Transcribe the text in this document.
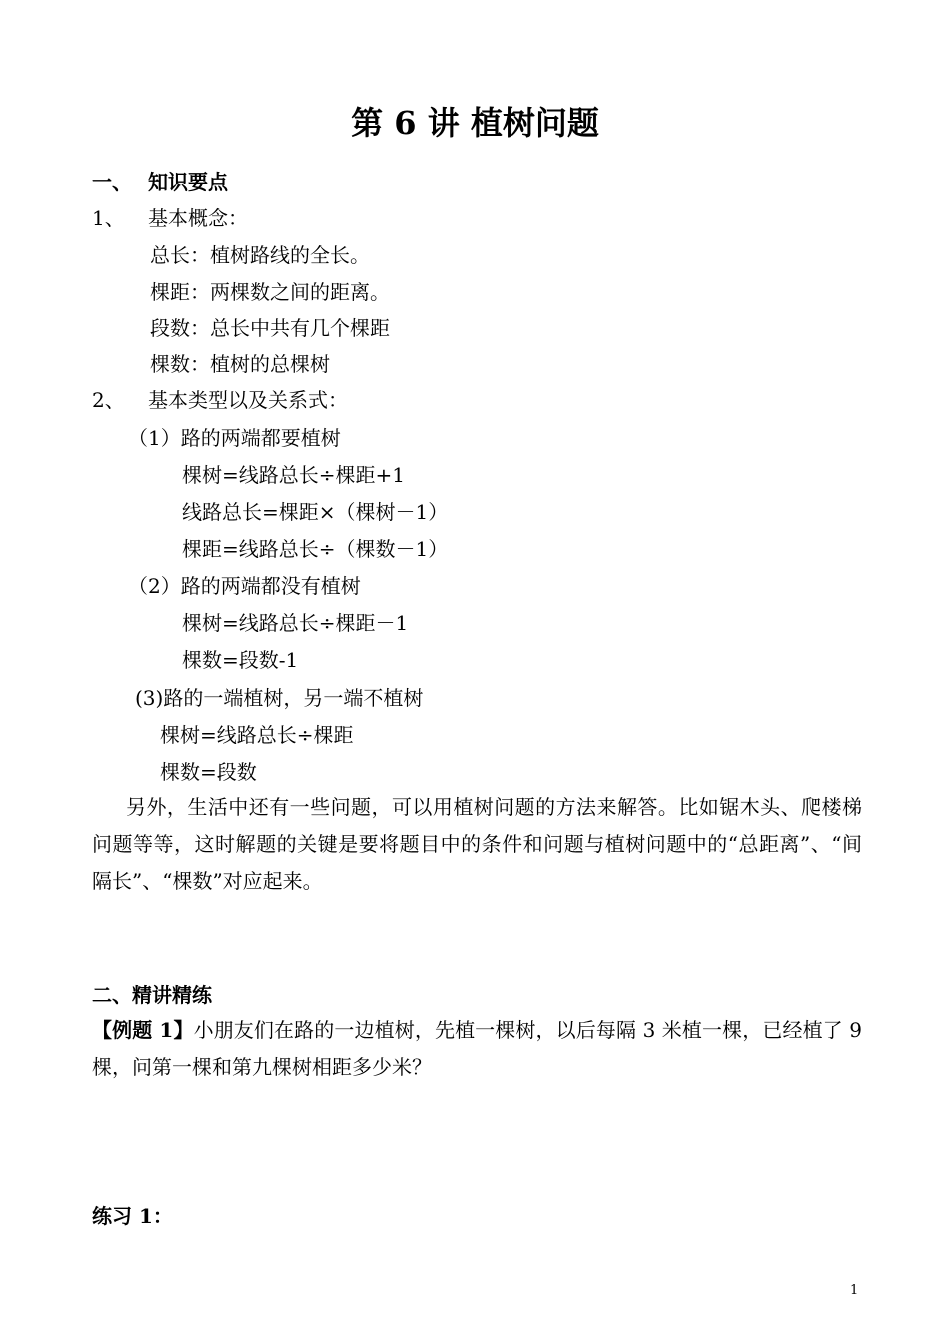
第 6 讲 植树问题
一、 知识要点
1、 基本概念：
总长：植树路线的全长。
棵距：两棵数之间的距离。
段数：总长中共有几个棵距
棵数：植树的总棵树
2、 基本类型以及关系式：
（1）路的两端都要植树
棵树=线路总长÷棵距+1
线路总长=棵距×（棵树－1）
棵距=线路总长÷（棵数－1）
（2）路的两端都没有植树
棵树=线路总长÷棵距－1
棵数=段数-1
(3)路的一端植树，另一端不植树
棵树=线路总长÷棵距
棵数=段数
另外，生活中还有一些问题，可以用植树问题的方法来解答。比如锯木头、爬楼梯问题等等，这时解题的关键是要将题目中的条件和问题与植树问题中的“总距离”、“间隔长”、“棵数”对应起来。
二、精讲精练
【例题 1】小朋友们在路的一边植树，先植一棵树，以后每隔 3 米植一棵，已经植了 9 棵，问第一棵和第九棵树相距多少米？
练习 1：
1
